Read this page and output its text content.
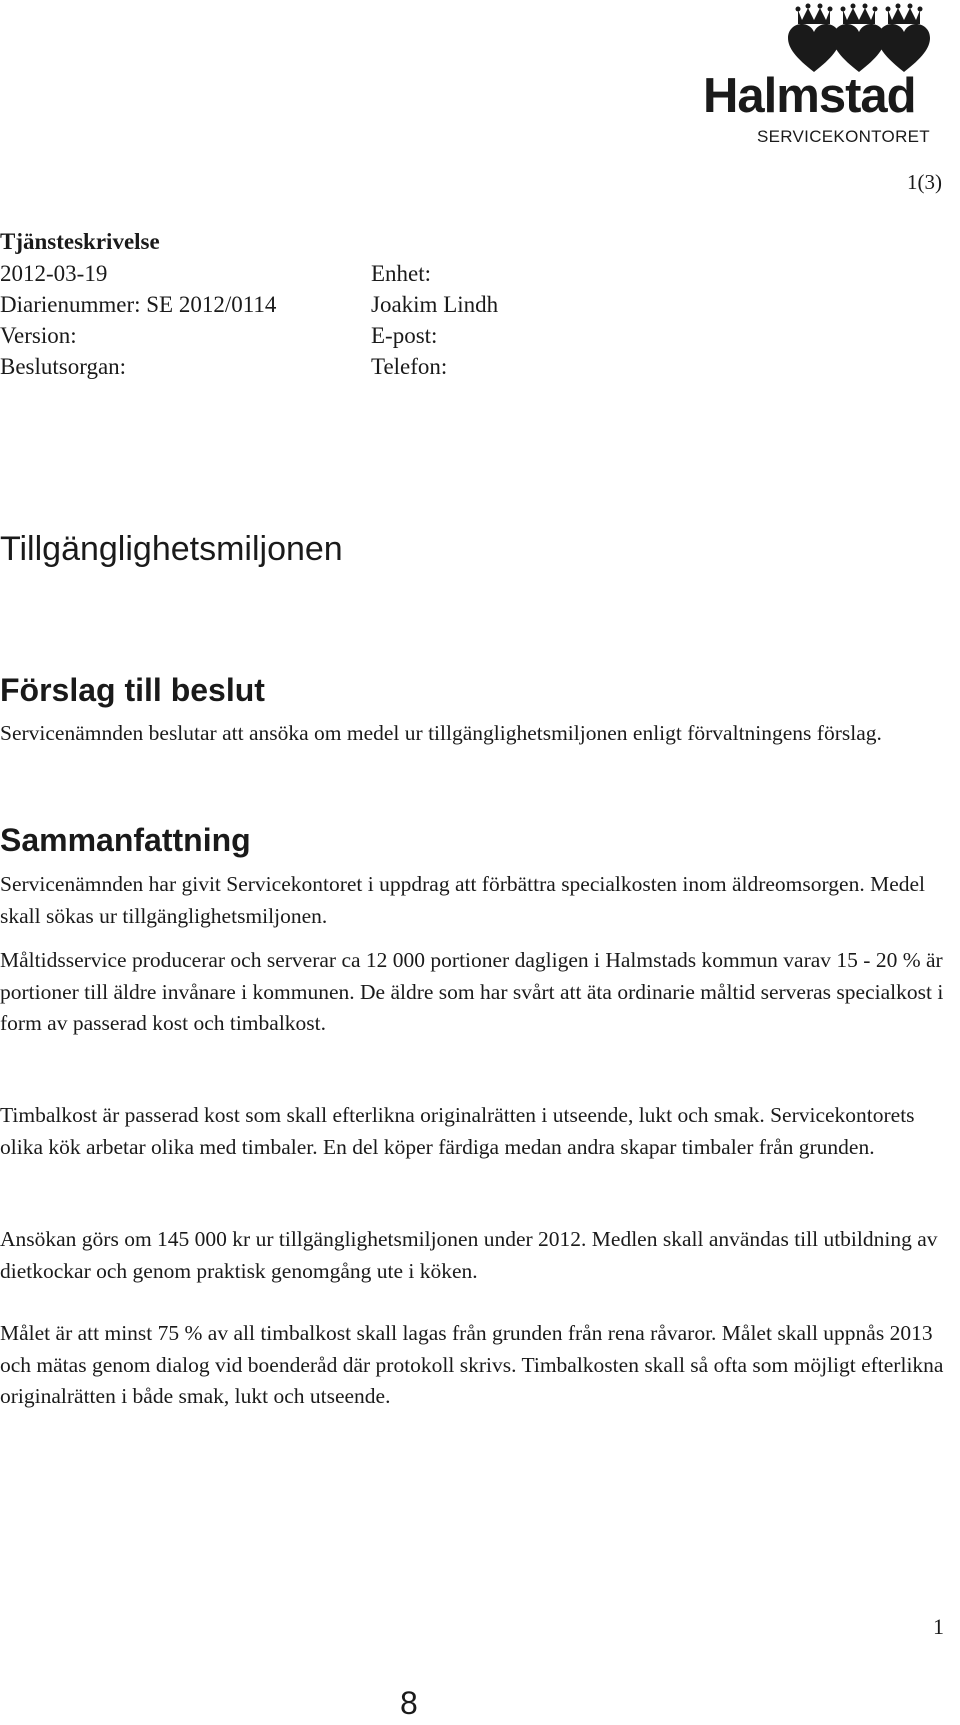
Halmstad
SERVICEKONTORET
1(3)
Tjänsteskrivelse
2012-03-19
Diarienummer: SE 2012/0114
Version:
Beslutsorgan:
Enhet:
Joakim Lindh
E-post:
Telefon:
Tillgänglighetsmiljonen
Förslag till beslut

Servicenämnden beslutar att ansöka om medel ur tillgänglighetsmiljonen enligt förvaltningens förslag.

Sammanfattning

Servicenämnden har givit Servicekontoret i uppdrag att förbättra specialkosten inom äldreomsorgen. Medel skall sökas ur tillgänglighetsmiljonen.

Måltidsservice producerar och serverar ca 12 000 portioner dagligen i Halmstads kommun varav 15 - 20 % är portioner till äldre invånare i kommunen. De äldre som har svårt att äta ordinarie måltid serveras specialkost i form av passerad kost och timbalkost.

Timbalkost är passerad kost som skall efterlikna originalrätten i utseende, lukt och smak. Servicekontorets olika kök arbetar olika med timbaler. En del köper färdiga medan andra skapar timbaler från grunden.

Ansökan görs om 145 000 kr ur tillgänglighetsmiljonen under 2012. Medlen skall användas till utbildning av dietkockar och genom praktisk genomgång ute i köken.

Målet är att minst 75 % av all timbalkost skall lagas från grunden från rena råvaror. Målet skall uppnås 2013 och mätas genom dialog vid boenderåd där protokoll skrivs. Timbalkosten skall så ofta som möjligt efterlikna originalrätten i både smak, lukt och utseende.

1
8
